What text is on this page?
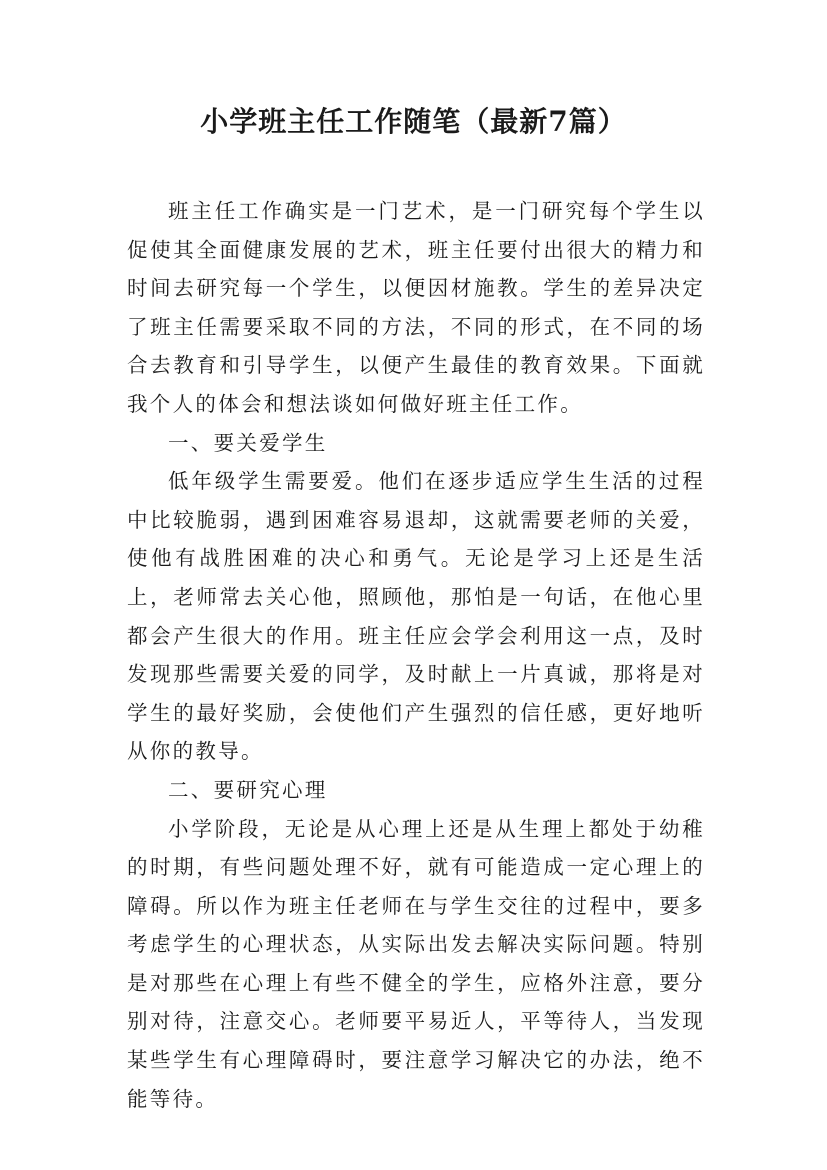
小学班主任工作随笔（最新7篇）

班主任工作确实是一门艺术，是一门研究每个学生以促使其全面健康发展的艺术，班主任要付出很大的精力和时间去研究每一个学生，以便因材施教。学生的差异决定了班主任需要采取不同的方法，不同的形式，在不同的场合去教育和引导学生，以便产生最佳的教育效果。下面就我个人的体会和想法谈如何做好班主任工作。

一、要关爱学生

低年级学生需要爱。他们在逐步适应学生生活的过程中比较脆弱，遇到困难容易退却，这就需要老师的关爱，使他有战胜困难的决心和勇气。无论是学习上还是生活上，老师常去关心他，照顾他，那怕是一句话，在他心里都会产生很大的作用。班主任应会学会利用这一点，及时发现那些需要关爱的同学，及时献上一片真诚，那将是对学生的最好奖励，会使他们产生强烈的信任感，更好地听从你的教导。

二、要研究心理

小学阶段，无论是从心理上还是从生理上都处于幼稚的时期，有些问题处理不好，就有可能造成一定心理上的障碍。所以作为班主任老师在与学生交往的过程中，要多考虑学生的心理状态，从实际出发去解决实际问题。特别是对那些在心理上有些不健全的学生，应格外注意，要分别对待，注意交心。老师要平易近人，平等待人，当发现某些学生有心理障碍时，要注意学习解决它的办法，绝不能等待。
